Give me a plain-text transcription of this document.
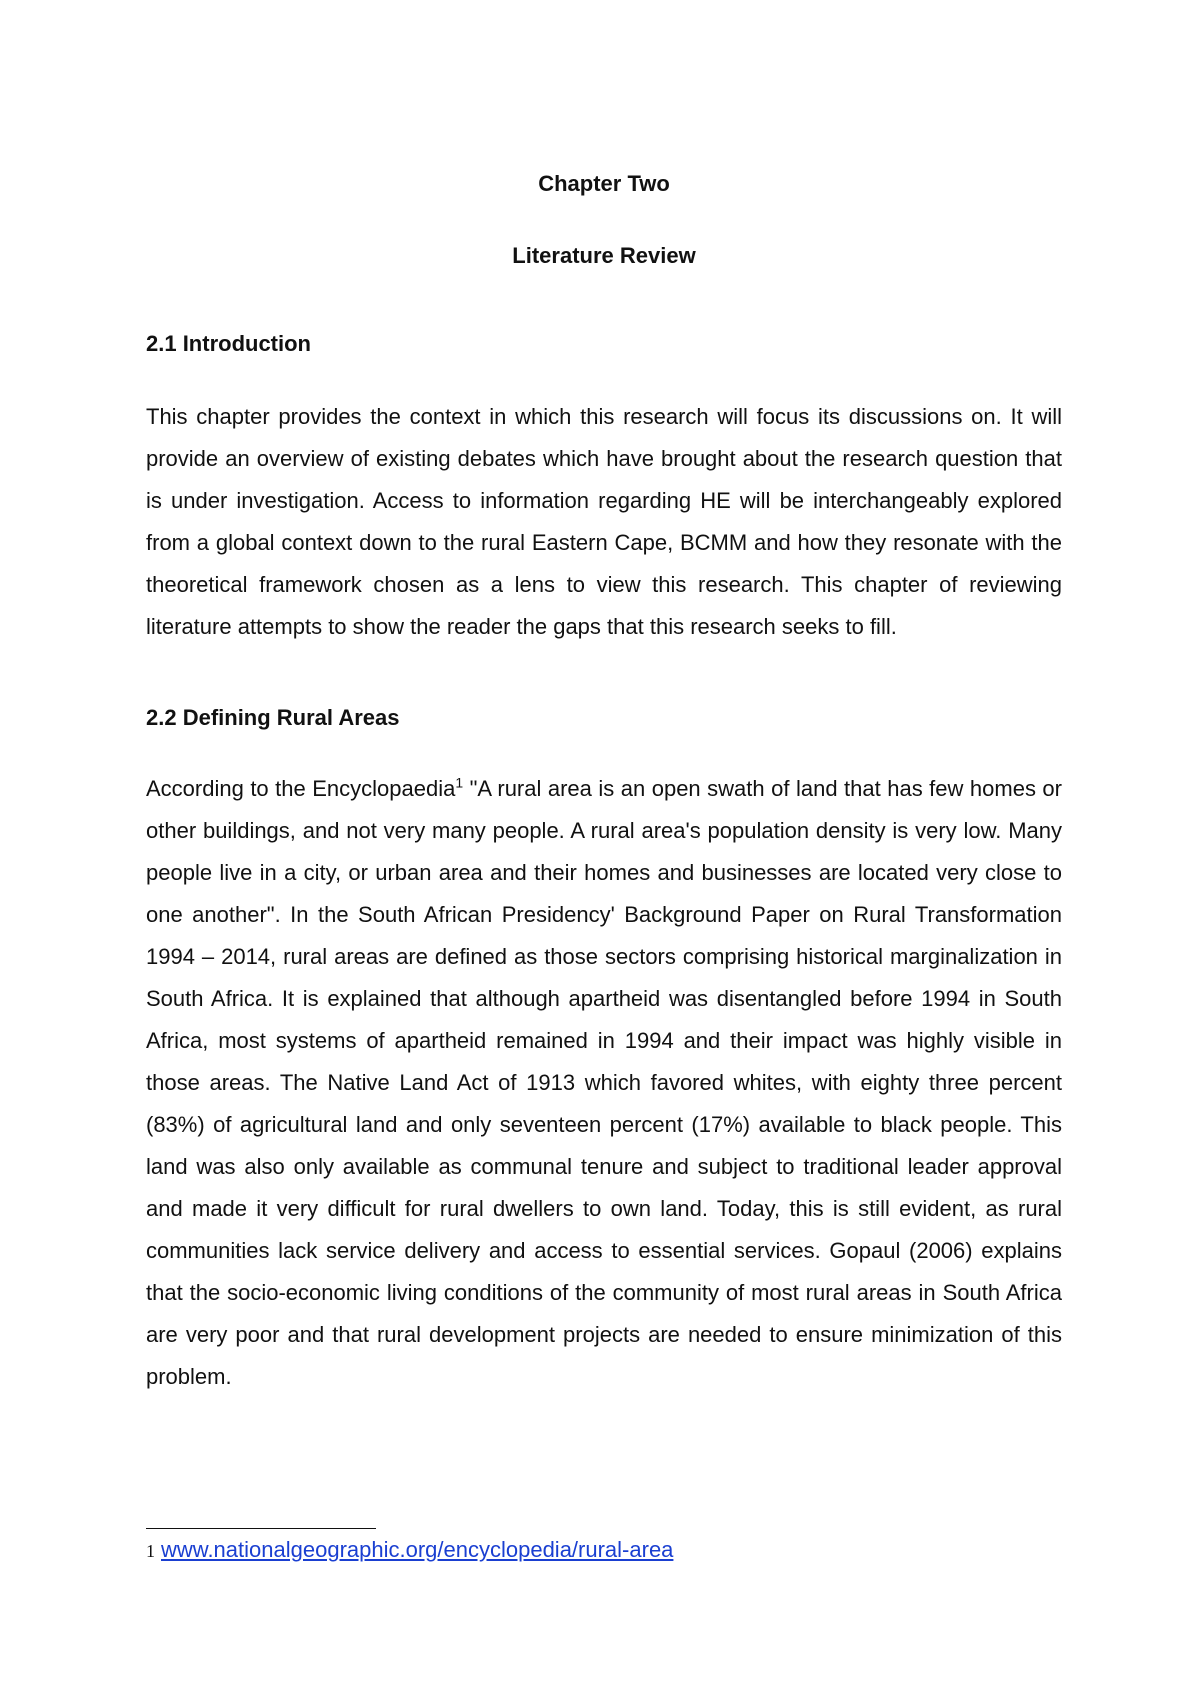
Chapter Two
Literature Review
2.1 Introduction

This chapter provides the context in which this research will focus its discussions on. It will provide an overview of existing debates which have brought about the research question that is under investigation. Access to information regarding HE will be interchangeably explored from a global context down to the rural Eastern Cape, BCMM and how they resonate with the theoretical framework chosen as a lens to view this research. This chapter of reviewing literature attempts to show the reader the gaps that this research seeks to fill.

2.2 Defining Rural Areas

According to the Encyclopaedia$^1$ "A rural area is an open swath of land that has few homes or other buildings, and not very many people. A rural area's population density is very low. Many people live in a city, or urban area and their homes and businesses are located very close to one another". In the South African Presidency' Background Paper on Rural Transformation 1994 – 2014, rural areas are defined as those sectors comprising historical marginalization in South Africa. It is explained that although apartheid was disentangled before 1994 in South Africa, most systems of apartheid remained in 1994 and their impact was highly visible in those areas. The Native Land Act of 1913 which favored whites, with eighty three percent (83%) of agricultural land and only seventeen percent (17%) available to black people. This land was also only available as communal tenure and subject to traditional leader approval and made it very difficult for rural dwellers to own land. Today, this is still evident, as rural communities lack service delivery and access to essential services. Gopaul (2006) explains that the socio-economic living conditions of the community of most rural areas in South Africa are very poor and that rural development projects are needed to ensure minimization of this problem.

1 www.nationalgeographic.org/encyclopedia/rural-area
